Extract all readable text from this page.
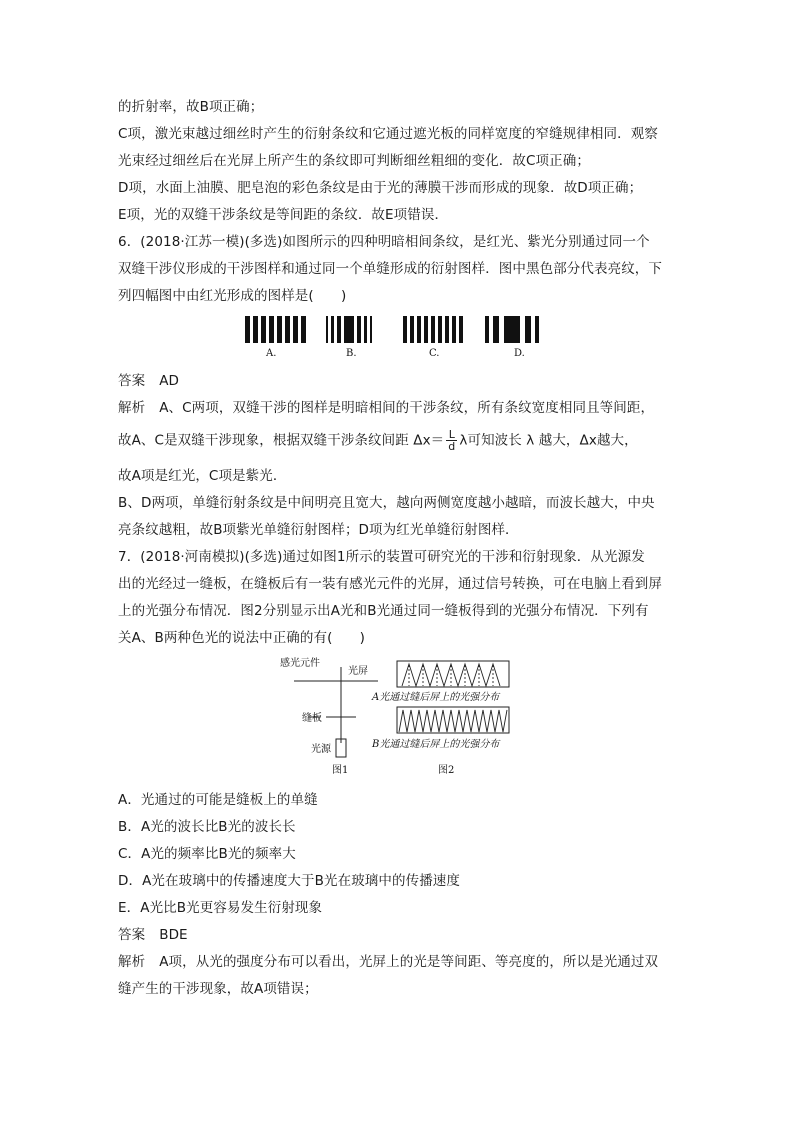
的折射率，故B项正确；
C项，激光束越过细丝时产生的衍射条纹和它通过遮光板的同样宽度的窄缝规律相同．观察
光束经过细丝后在光屏上所产生的条纹即可判断细丝粗细的变化．故C项正确；
D项，水面上油膜、肥皂泡的彩色条纹是由于光的薄膜干涉而形成的现象．故D项正确；
E项，光的双缝干涉条纹是等间距的条纹．故E项错误．
6．(2018·江苏一模)(多选)如图所示的四种明暗相间条纹，是红光、紫光分别通过同一个
双缝干涉仪形成的干涉图样和通过同一个单缝形成的衍射图样．图中黑色部分代表亮纹，下
列四幅图中由红光形成的图样是(　　)
A.	B.	C.	D.
答案 AD
解析 A、C两项，双缝干涉的图样是明暗相间的干涉条纹，所有条纹宽度相同且等间距，
故A、C是双缝干涉现象，根据双缝干涉条纹间距 $\Delta x= \frac{L}{d}$ λ可知波长 λ 越大，Δx越大，
故A项是红光，C项是紫光．
B、D两项，单缝衍射条纹是中间明亮且宽大，越向两侧宽度越小越暗，而波长越大，中央
亮条纹越粗，故B项紫光单缝衍射图样；D项为红光单缝衍射图样．
7．(2018·河南模拟)(多选)通过如图1所示的装置可研究光的干涉和衍射现象．从光源发
出的光经过一缝板，在缝板后有一装有感光元件的光屏，通过信号转换，可在电脑上看到屏
上的光强分布情况．图2分别显示出A光和B光通过同一缝板得到的光强分布情况．下列有
关A、B两种色光的说法中正确的有(　　)
感光元件
光屏
缝板
光源
A光通过缝后屏上的光强分布
B光通过缝后屏上的光强分布
图1	图2
A．光通过的可能是缝板上的单缝
B．A光的波长比B光的波长长
C．A光的频率比B光的频率大
D．A光在玻璃中的传播速度大于B光在玻璃中的传播速度
E．A光比B光更容易发生衍射现象
答案 BDE
解析 A项，从光的强度分布可以看出，光屏上的光是等间距、等亮度的，所以是光通过双
缝产生的干涉现象，故A项错误；
